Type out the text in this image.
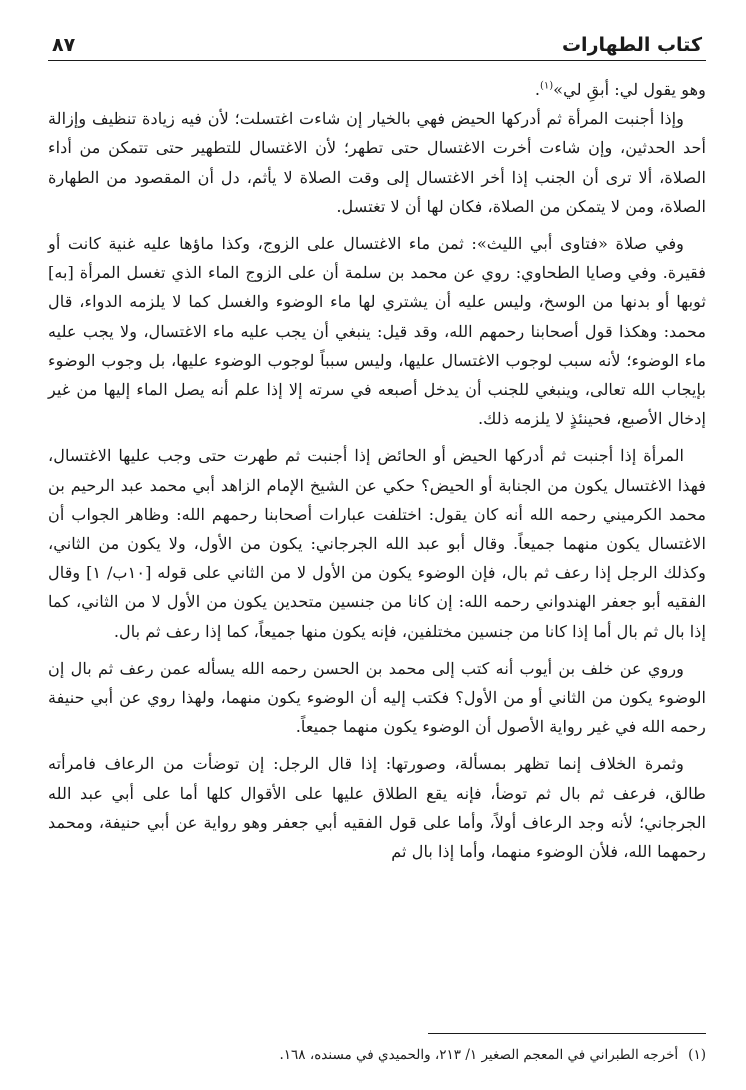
كتاب الطهارات
٨٧

وهو يقول لي: أبقِ لي»$^{(١)}$.

وإذا أجنبت المرأة ثم أدركها الحيض فهي بالخيار إن شاءت اغتسلت؛ لأن فيه زيادة تنظيف وإزالة أحد الحدثين، وإن شاءت أخرت الاغتسال حتى تطهر؛ لأن الاغتسال للتطهير حتى تتمكن من أداء الصلاة، ألا ترى أن الجنب إذا أخر الاغتسال إلى وقت الصلاة لا يأثم، دل أن المقصود من الطهارة الصلاة، ومن لا يتمكن من الصلاة، فكان لها أن لا تغتسل.

وفي صلاة «فتاوى أبي الليث»: ثمن ماء الاغتسال على الزوج، وكذا ماؤها عليه غنية كانت أو فقيرة. وفي وصايا الطحاوي: روي عن محمد بن سلمة أن على الزوج الماء الذي تغسل المرأة [به] ثوبها أو بدنها من الوسخ، وليس عليه أن يشتري لها ماء الوضوء والغسل كما لا يلزمه الدواء، قال محمد: وهكذا قول أصحابنا رحمهم الله، وقد قيل: ينبغي أن يجب عليه ماء الاغتسال، ولا يجب عليه ماء الوضوء؛ لأنه سبب لوجوب الاغتسال عليها، وليس سبباً لوجوب الوضوء عليها، بل وجوب الوضوء بإيجاب الله تعالى، وينبغي للجنب أن يدخل أصبعه في سرته إلا إذا علم أنه يصل الماء إليها من غير إدخال الأصبع، فحينئذٍ لا يلزمه ذلك.

المرأة إذا أجنبت ثم أدركها الحيض أو الحائض إذا أجنبت ثم طهرت حتى وجب عليها الاغتسال، فهذا الاغتسال يكون من الجنابة أو الحيض؟ حكي عن الشيخ الإمام الزاهد أبي محمد عبد الرحيم بن محمد الكرميني رحمه الله أنه كان يقول: اختلفت عبارات أصحابنا رحمهم الله: وظاهر الجواب أن الاغتسال يكون منهما جميعاً. وقال أبو عبد الله الجرجاني: يكون من الأول، ولا يكون من الثاني، وكذلك الرجل إذا رعف ثم بال، فإن الوضوء يكون من الأول لا من الثاني على قوله [١٠ب/ ١] وقال الفقيه أبو جعفر الهندواني رحمه الله: إن كانا من جنسين متحدين يكون من الأول لا من الثاني، كما إذا بال ثم بال أما إذا كانا من جنسين مختلفين، فإنه يكون منها جميعاً، كما إذا رعف ثم بال.

وروي عن خلف بن أيوب أنه كتب إلى محمد بن الحسن رحمه الله يسأله عمن رعف ثم بال إن الوضوء يكون من الثاني أو من الأول؟ فكتب إليه أن الوضوء يكون منهما، ولهذا روي عن أبي حنيفة رحمه الله في غير رواية الأصول أن الوضوء يكون منهما جميعاً.

وثمرة الخلاف إنما تظهر بمسألة، وصورتها: إذا قال الرجل: إن توضأت من الرعاف فامرأته طالق، فرعف ثم بال ثم توضأ، فإنه يقع الطلاق عليها على الأقوال كلها أما على أبي عبد الله الجرجاني؛ لأنه وجد الرعاف أولاً، وأما على قول الفقيه أبي جعفر وهو رواية عن أبي حنيفة، ومحمد رحمهما الله، فلأن الوضوء منهما، وأما إذا بال ثم

(١)أخرجه الطبراني في المعجم الصغير ١/ ٢١٣، والحميدي في مسنده، ١٦٨.
